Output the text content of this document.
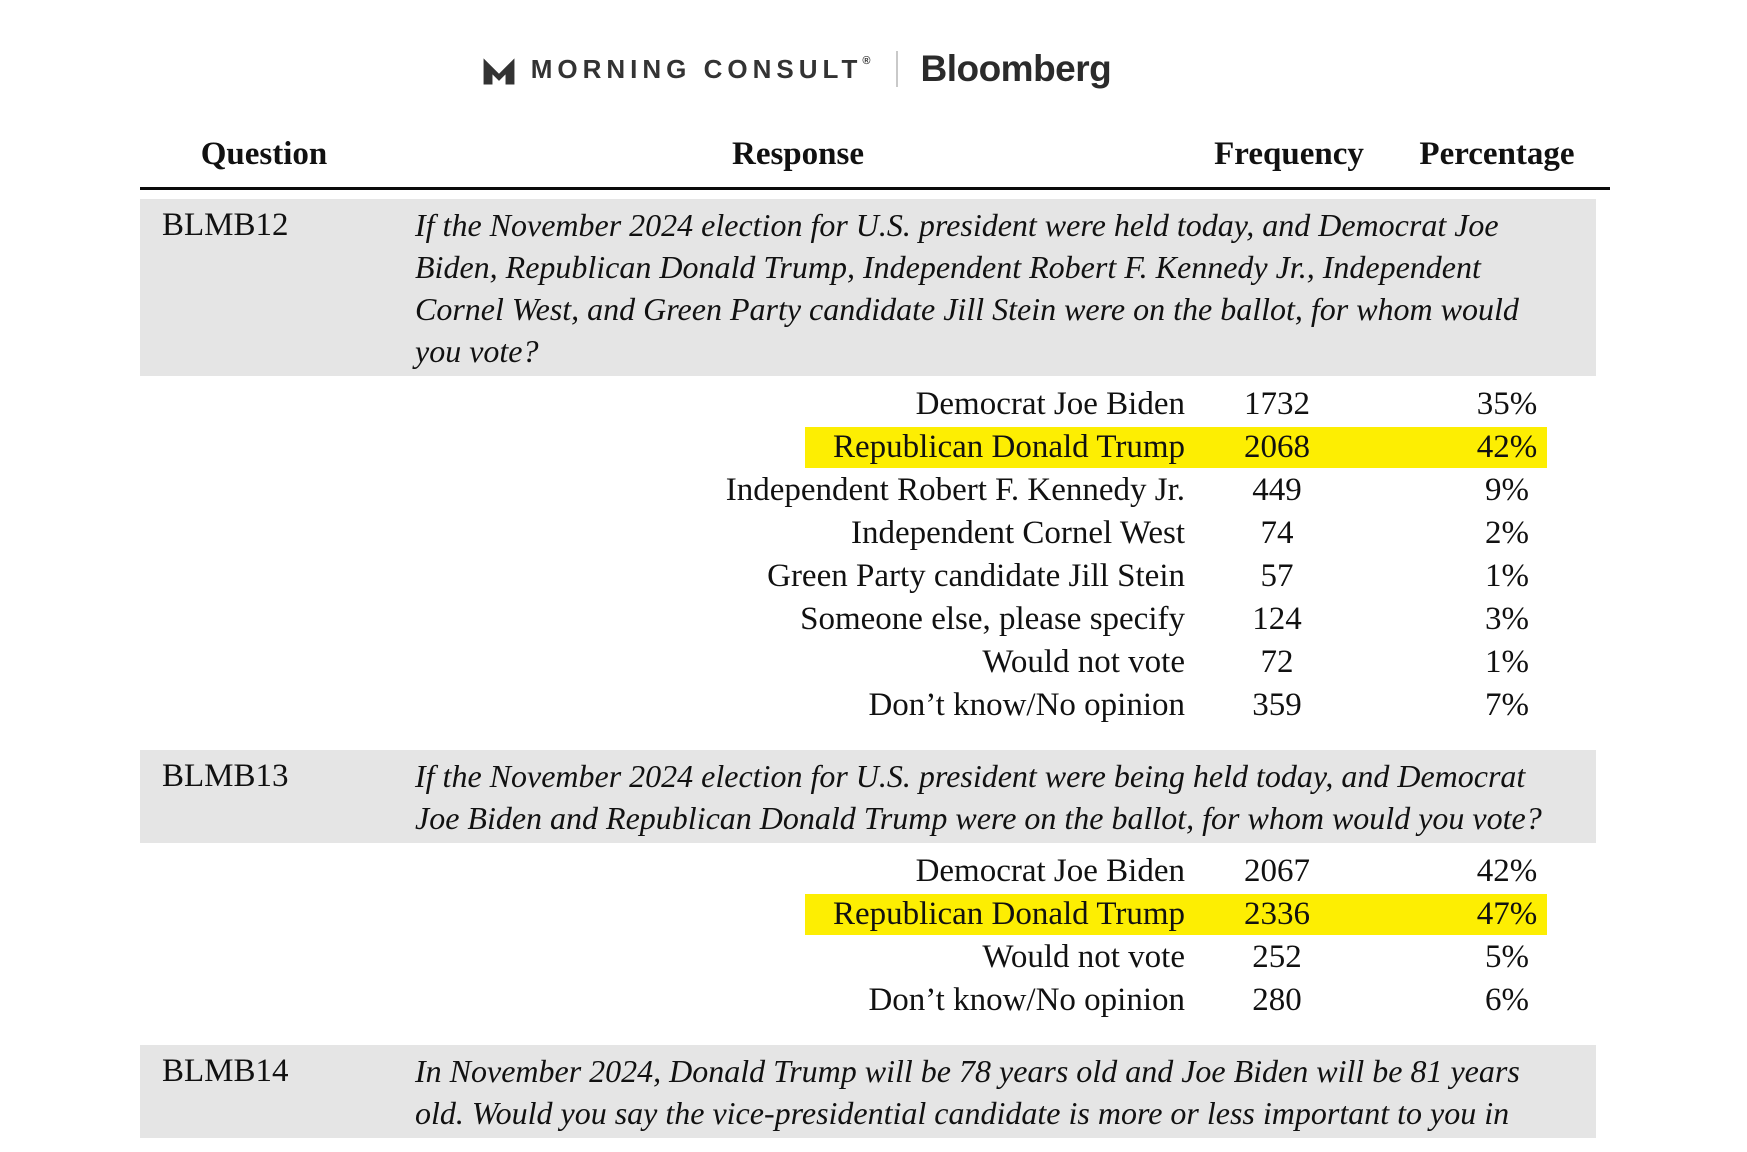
MORNING CONSULT® Bloomberg
Question	Response	Frequency Percentage
BLMB12	If the November 2024 election for U.S. president were held today, and Democrat Joe Biden, Republican Donald Trump, Independent Robert F. Kennedy Jr., Independent Cornel West, and Green Party candidate Jill Stein were on the ballot, for whom would you vote?
Democrat Joe Biden	1732	35%
Republican Donald Trump	2068	42%
Independent Robert F. Kennedy Jr.	449	9%
Independent Cornel West	74	2%
Green Party candidate Jill Stein	57	1%
Someone else, please specify	124	3%
Would not vote	72	1%
Don’t know/No opinion	359	7%
BLMB13	If the November 2024 election for U.S. president were being held today, and Democrat Joe Biden and Republican Donald Trump were on the ballot, for whom would you vote?
Democrat Joe Biden	2067	42%
Republican Donald Trump	2336	47%
Would not vote	252	5%
Don’t know/No opinion	280	6%
BLMB14	In November 2024, Donald Trump will be 78 years old and Joe Biden will be 81 years old. Would you say the vice-presidential candidate is more or less important to you in
